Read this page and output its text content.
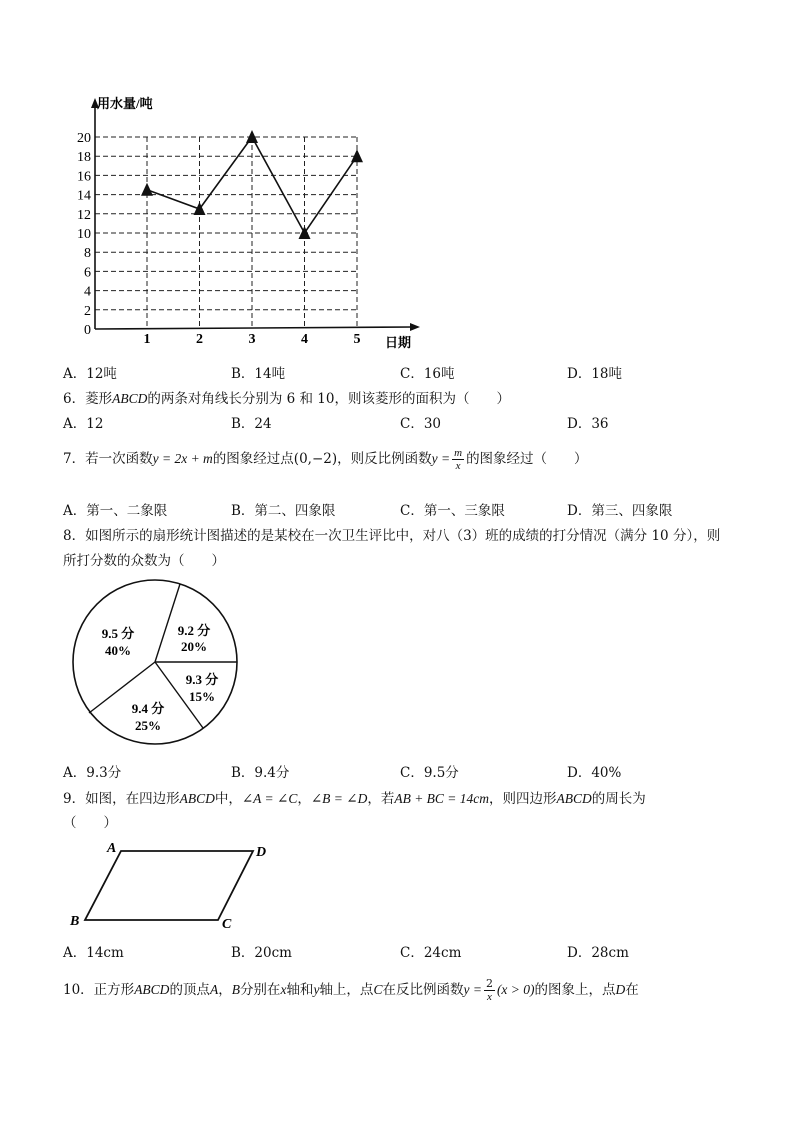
0
2
4
6
8
10
12
14
16
18
20
1	2	3	4	5
用水量/吨
日期
A．12吨	B．14吨	C．16吨	D．18吨
6．菱形ABCD的两条对角线长分别为 6 和 10，则该菱形的面积为（　　）
A．12	B．24	C．30	D．36
7．若一次函数y = 2x + m的图象经过点(0,−2)，则反比例函数$y = \frac{m}{x}$ 的图象经过（　　）
A．第一、二象限	B．第二、四象限	C．第一、三象限	D．第三、四象限
8．如图所示的扇形统计图描述的是某校在一次卫生评比中，对八（3）班的成绩的打分情况（满分 10 分），则
所打分数的众数为（　　）
9.5 分
40%
9.2 分
20%
9.3 分
15%
9.4 分
25%
A．9.3分	B．9.4分	C．9.5分	D．40%
9．如图，在四边形ABCD中，∠A = ∠C，∠B = ∠D，若AB + BC = 14cm，则四边形ABCD的周长为
（　　）
A	D
B	C
A．14cm	B．20cm	C．24cm	D．28cm
10．正方形ABCD的顶点A，B分别在x轴和y轴上，点C在反比例函数$y = \frac{2}{x} (x > 0)$的图象上，点D在
